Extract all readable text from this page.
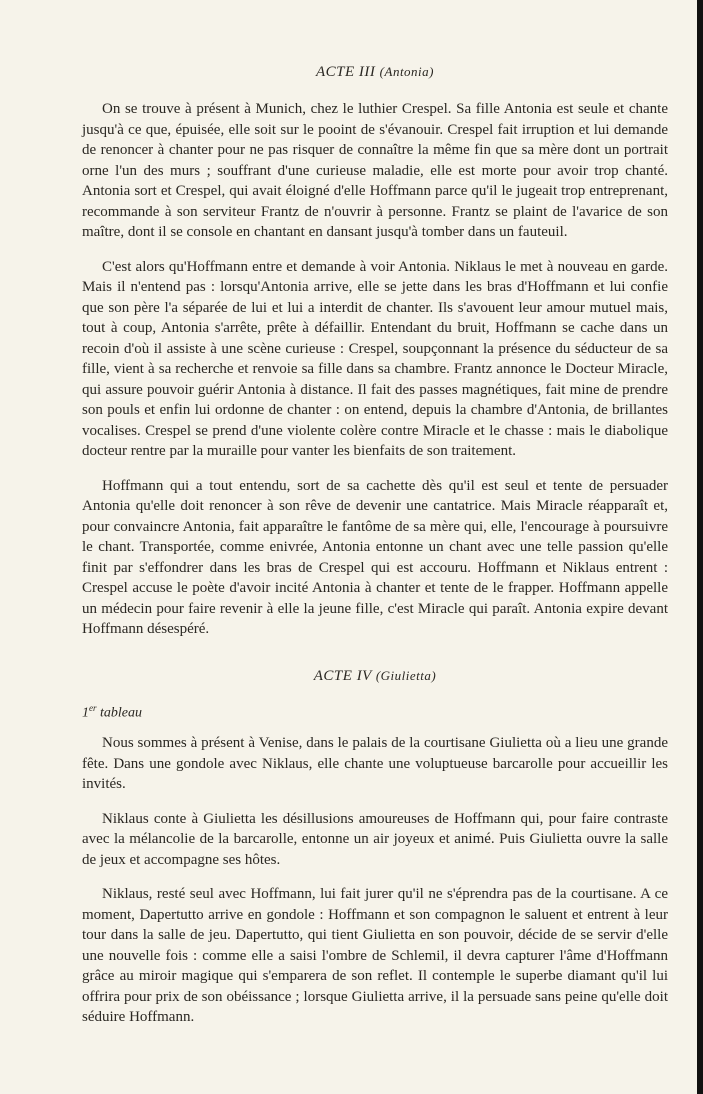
ACTE III (Antonia)

On se trouve à présent à Munich, chez le luthier Crespel. Sa fille Antonia est seule et chante jusqu'à ce que, épuisée, elle soit sur le pooint de s'évanouir. Crespel fait irruption et lui demande de renoncer à chanter pour ne pas risquer de connaître la même fin que sa mère dont un portrait orne l'un des murs ; souffrant d'une curieuse maladie, elle est morte pour avoir trop chanté. Antonia sort et Crespel, qui avait éloigné d'elle Hoffmann parce qu'il le jugeait trop entreprenant, recommande à son serviteur Frantz de n'ouvrir à personne. Frantz se plaint de l'avarice de son maître, dont il se console en chantant en dansant jusqu'à tomber dans un fauteuil.

C'est alors qu'Hoffmann entre et demande à voir Antonia. Niklaus le met à nouveau en garde. Mais il n'entend pas : lorsqu'Antonia arrive, elle se jette dans les bras d'Hoffmann et lui confie que son père l'a séparée de lui et lui a interdit de chanter. Ils s'avouent leur amour mutuel mais, tout à coup, Antonia s'arrête, prête à défaillir. Entendant du bruit, Hoffmann se cache dans un recoin d'où il assiste à une scène curieuse : Crespel, soupçonnant la présence du séducteur de sa fille, vient à sa recherche et renvoie sa fille dans sa chambre. Frantz annonce le Docteur Miracle, qui assure pouvoir guérir Antonia à distance. Il fait des passes magnétiques, fait mine de prendre son pouls et enfin lui ordonne de chanter : on entend, depuis la chambre d'Antonia, de brillantes vocalises. Crespel se prend d'une violente colère contre Miracle et le chasse : mais le diabolique docteur rentre par la muraille pour vanter les bienfaits de son traitement.

Hoffmann qui a tout entendu, sort de sa cachette dès qu'il est seul et tente de persuader Antonia qu'elle doit renoncer à son rêve de devenir une cantatrice. Mais Miracle réapparaît et, pour convaincre Antonia, fait apparaître le fantôme de sa mère qui, elle, l'encourage à poursuivre le chant. Transportée, comme enivrée, Antonia entonne un chant avec une telle passion qu'elle finit par s'effondrer dans les bras de Crespel qui est accouru. Hoffmann et Niklaus entrent : Crespel accuse le poète d'avoir incité Antonia à chanter et tente de le frapper. Hoffmann appelle un médecin pour faire revenir à elle la jeune fille, c'est Miracle qui paraît. Antonia expire devant Hoffmann désespéré.

ACTE IV (Giulietta)
1er tableau

Nous sommes à présent à Venise, dans le palais de la courtisane Giulietta où a lieu une grande fête. Dans une gondole avec Niklaus, elle chante une voluptueuse barcarolle pour accueillir les invités.

Niklaus conte à Giulietta les désillusions amoureuses de Hoffmann qui, pour faire contraste avec la mélancolie de la barcarolle, entonne un air joyeux et animé. Puis Giulietta ouvre la salle de jeux et accompagne ses hôtes.

Niklaus, resté seul avec Hoffmann, lui fait jurer qu'il ne s'éprendra pas de la courtisane. A ce moment, Dapertutto arrive en gondole : Hoffmann et son compagnon le saluent et entrent à leur tour dans la salle de jeu. Dapertutto, qui tient Giulietta en son pouvoir, décide de se servir d'elle une nouvelle fois : comme elle a saisi l'ombre de Schlemil, il devra capturer l'âme d'Hoffmann grâce au miroir magique qui s'emparera de son reflet. Il contemple le superbe diamant qu'il lui offrira pour prix de son obéissance ; lorsque Giulietta arrive, il la persuade sans peine qu'elle doit séduire Hoffmann.
